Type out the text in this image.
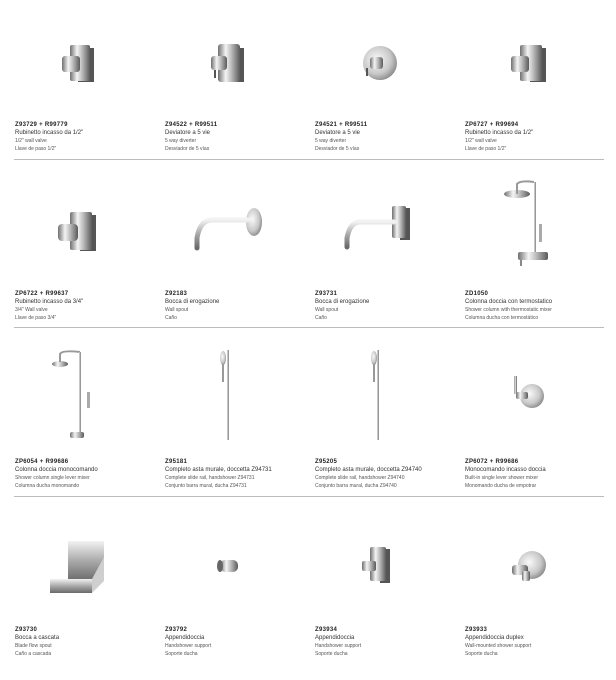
Z93729 + R99779
Rubinetto incasso da 1/2"
1/2" wall valve
Llave de paso 1/2"
Z94522 + R99511
Deviatore a 5 vie
5 way diverter
Desviador de 5 vías
Z94521 + R99511
Deviatore a 5 vie
5 way diverter
Desviador de 5 vías
ZP6727 + R99694
Rubinetto incasso da 1/2"
1/2" wall valve
Llave de paso 1/2"
ZP6722 + R99637
Rubinetto incasso da 3/4"
3/4" Wall valve
Llave de paso 3/4"
Z92183
Bocca di erogazione
Wall spout
Caño
Z93731
Bocca di erogazione
Wall spout
Caño
ZD1050
Colonna doccia con termostatico
Shower column with thermostatic mixer
Columna ducha con termostático
ZP6054 + R99686
Colonna doccia monocomando
Shower column single lever mixer
Columna ducha monomando
Z95181
Completo asta murale, doccetta Z94731
Complete slide rail, handshower Z94731
Conjunto barra mural, ducha Z94731
Z95205
Completo asta murale, doccetta Z94740
Complete slide rail, handshower Z94740
Conjunto barra mural, ducha Z94740
ZP6072 + R99686
Monocomando incasso doccia
Built-in single lever shower mixer
Monomando ducha de empotrar
Z93730
Bocca a cascata
Blade flow spout
Caño a cascada
Z93792
Appendidoccia
Handshower support
Soporte ducha
Z93934
Appendidoccia
Handshower support
Soporte ducha
Z93933
Appendidoccia duplex
Wall-mounted shower support
Soporte ducha
